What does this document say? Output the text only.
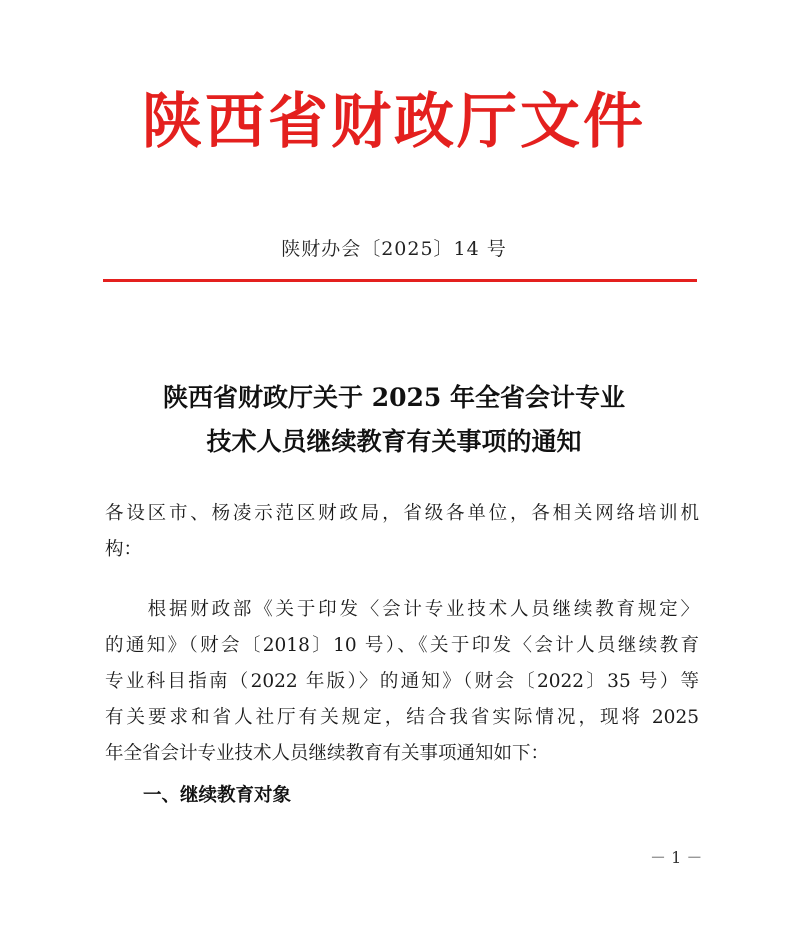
陕西省财政厅文件
陕财办会〔2025〕14 号
陕西省财政厅关于 2025 年全省会计专业
技术人员继续教育有关事项的通知
各设区市、杨凌示范区财政局，省级各单位，各相关网络培训机
构：
　　根据财政部《关于印发〈会计专业技术人员继续教育规定〉
的通知》（财会〔2018〕10 号）、《关于印发〈会计人员继续教育
专业科目指南（2022 年版）〉的通知》（财会〔2022〕35 号）等
有关要求和省人社厅有关规定，结合我省实际情况，现将 2025
年全省会计专业技术人员继续教育有关事项通知如下：
一、继续教育对象
－ 1 －
